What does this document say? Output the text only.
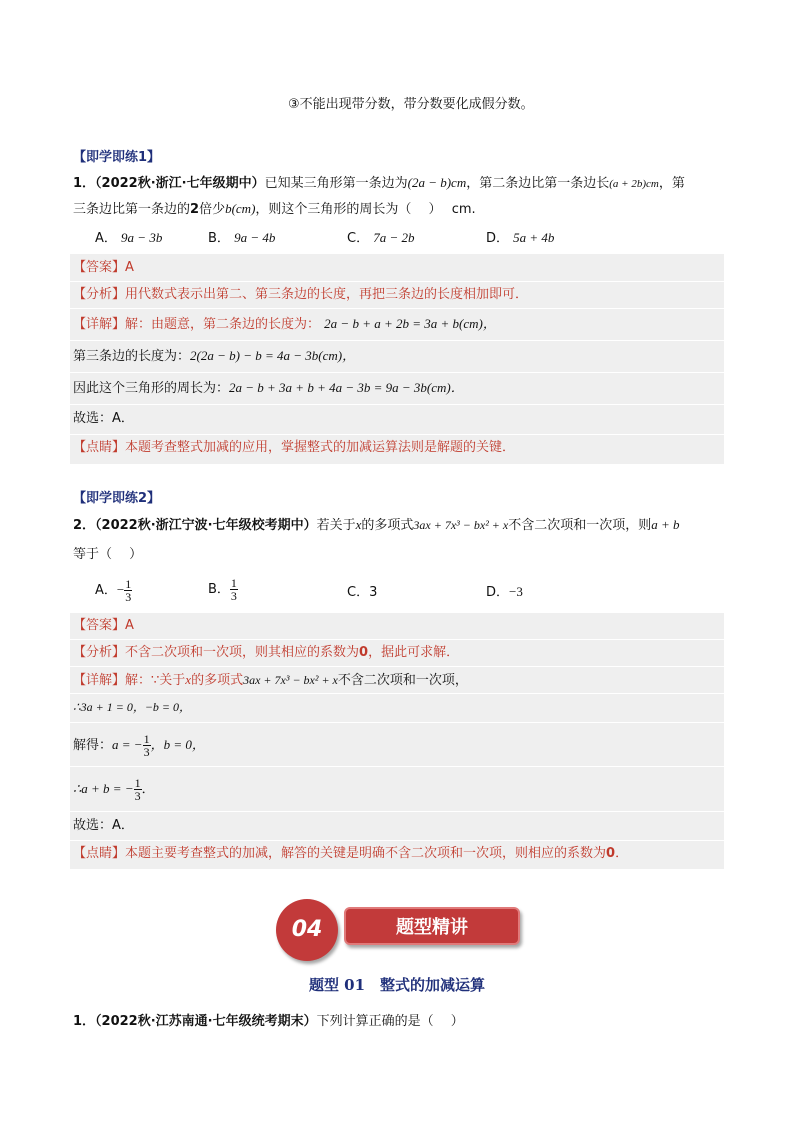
③不能出现带分数，带分数要化成假分数。
【即学即练1】
1．（2022秋·浙江·七年级期中）已知某三角形第一条边为(2a − b)cm，第二条边比第一条边长(a + 2b)cm，第
三条边比第一条边的2倍少b(cm)，则这个三角形的周长为（　 ） cm.
A． 9a − 3b	B． 9a − 4b	C． 7a − 2b	D． 5a + 4b
【答案】A
【分析】用代数式表示出第二、第三条边的长度，再把三条边的长度相加即可．
【详解】解：由题意，第二条边的长度为： 2a − b + a + 2b = 3a + b(cm)，
第三条边的长度为：2(2a − b) − b = 4a − 3b(cm)，
因此这个三角形的周长为：2a − b + 3a + b + 4a − 3b = 9a − 3b(cm)．
故选：A．
【点睛】本题考查整式加减的应用，掌握整式的加减运算法则是解题的关键．
【即学即练2】
2．（2022秋·浙江宁波·七年级校考期中）若关于x的多项式3ax + 7x³ − bx² + x不含二次项和一次项，则a + b
等于（　 ）
A．− $\frac{1}{3}$	B． $\frac{1}{3}$	C．3	D．−3
【答案】A
【分析】不含二次项和一次项，则其相应的系数为0，据此可求解．
【详解】解：∵关于x的多项式3ax + 7x³ − bx² + x不含二次项和一次项，
∴3a + 1 = 0，−b = 0，
解得：a = − $\frac{1}{3}$ ，b = 0，
∴a + b = − $\frac{1}{3}$ ．
故选：A．
【点睛】本题主要考查整式的加减，解答的关键是明确不含二次项和一次项，则相应的系数为0．
04	题型精讲
题型 01　整式的加减运算
1．（2022秋·江苏南通·七年级统考期末）下列计算正确的是（　 ）
